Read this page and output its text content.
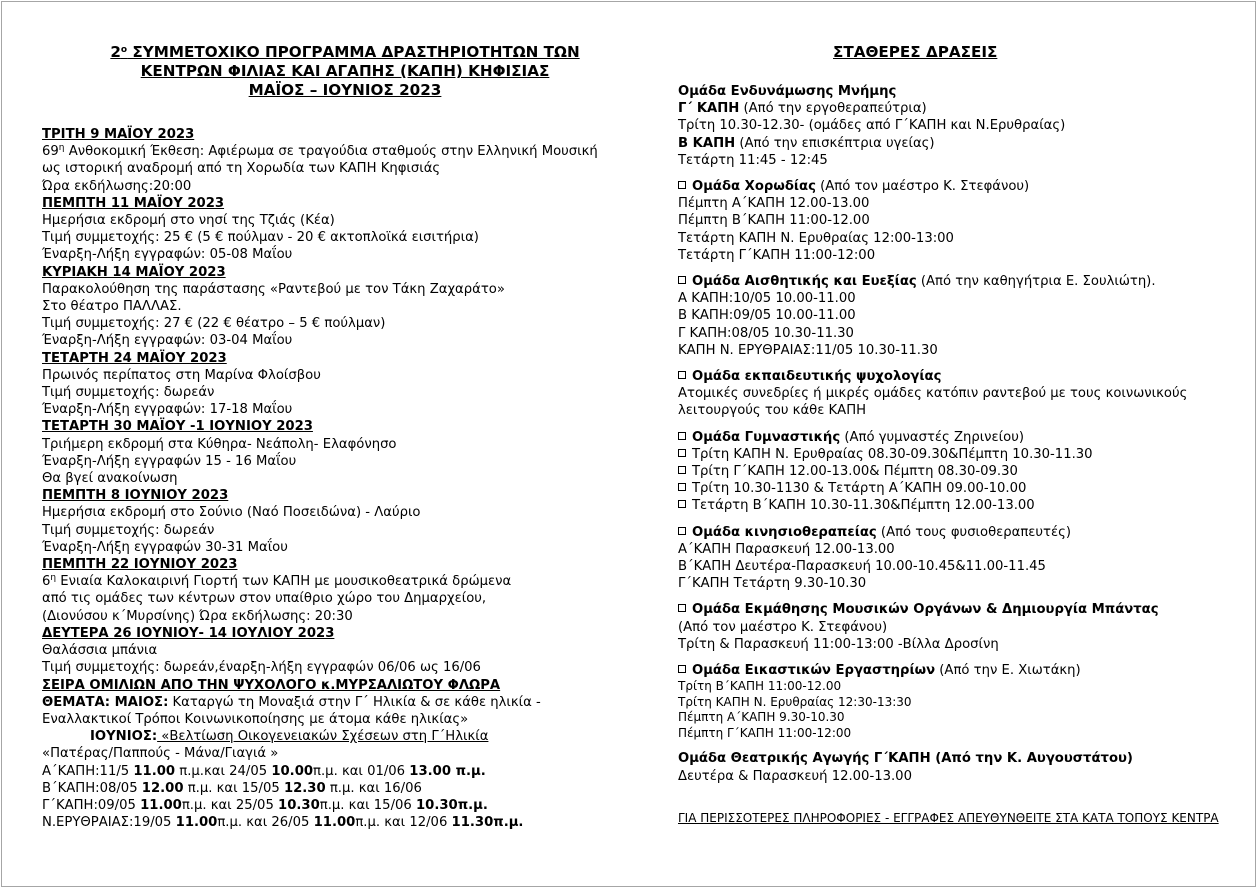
$2^o$ ΣΥΜΜΕΤΟΧΙΚΟ ΠΡΟΓΡΑΜΜΑ ΔΡΑΣΤΗΡΙΟΤΗΤΩΝ ΤΩΝ
ΚΕΝΤΡΩΝ ΦΙΛΙΑΣ ΚΑΙ ΑΓΑΠΗΣ (ΚΑΠΗ) ΚΗΦΙΣΙΑΣ
ΜΑΪΟΣ – ΙΟΥΝΙΟΣ 2023
ΤΡΙΤΗ 9 ΜΑΪΟΥ 2023
$69^\eta$ Ανθοκομική Έκθεση: Αφιέρωμα σε τραγούδια σταθμούς στην Ελληνική Μουσική
ως ιστορική αναδρομή από τη Χορωδία των ΚΑΠΗ Κηφισιάς
Ώρα εκδήλωσης:20:00
ΠΕΜΠΤΗ 11 ΜΑΪΟΥ 2023
Ημερήσια εκδρομή στο νησί της Τζιάς (Κέα)
Τιμή συμμετοχής: 25 € (5 € πούλμαν - 20 € ακτοπλοϊκά εισιτήρια)
Έναρξη-Λήξη εγγραφών: 05-08 Μαΐου
ΚΥΡΙΑΚΗ 14 ΜΑΪΟΥ 2023
Παρακολούθηση της παράστασης «Ραντεβού με τον Τάκη Ζαχαράτο»
Στο θέατρο ΠΑΛΛΑΣ.
Τιμή συμμετοχής: 27 € (22 € θέατρο – 5 € πούλμαν)
Έναρξη-Λήξη εγγραφών: 03-04 Μαΐου
ΤΕΤΑΡΤΗ 24 ΜΑΪΟΥ 2023
Πρωινός περίπατος στη Μαρίνα Φλοίσβου
Τιμή συμμετοχής: δωρεάν
Έναρξη-Λήξη εγγραφών: 17-18 Μαΐου
ΤΕΤΑΡΤΗ 30 ΜΑΪΟΥ -1 ΙΟΥΝΙΟΥ 2023
Τριήμερη εκδρομή στα Κύθηρα- Νεάπολη- Ελαφόνησο
Έναρξη-Λήξη εγγραφών 15 - 16 Μαΐου
Θα βγεί ανακοίνωση
ΠΕΜΠΤΗ 8 ΙΟΥΝΙΟΥ 2023
Ημερήσια εκδρομή στο Σούνιο (Ναό Ποσειδώνα) - Λαύριο
Τιμή συμμετοχής: δωρεάν
Έναρξη-Λήξη εγγραφών 30-31 Μαΐου
ΠΕΜΠΤΗ 22 ΙΟΥΝΙΟΥ 2023
$6^\eta$ Ενιαία Καλοκαιρινή Γιορτή των ΚΑΠΗ με μουσικοθεατρικά δρώμενα
από τις ομάδες των κέντρων στον υπαίθριο χώρο του Δημαρχείου,
(Διονύσου κ΄Μυρσίνης) Ώρα εκδήλωσης: 20:30
ΔΕΥΤΕΡΑ 26 ΙΟΥΝΙΟΥ- 14 ΙΟΥΛΙΟΥ 2023
Θαλάσσια μπάνια
Τιμή συμμετοχής: δωρεάν,έναρξη-λήξη εγγραφών 06/06 ως 16/06
ΣΕΙΡΑ ΟΜΙΛΙΩΝ ΑΠΟ ΤΗΝ ΨΥΧΟΛΟΓΟ κ.ΜΥΡΣΑΛΙΩΤΟΥ ΦΛΩΡΑ
ΘΕΜΑΤΑ: ΜΑΙΟΣ: Καταργώ τη Μοναξιά στην Γ΄ Ηλικία & σε κάθε ηλικία -
Εναλλακτικοί Τρόποι Κοινωνικοποίησης με άτομα κάθε ηλικίας»
ΙΟΥΝΙΟΣ: «Βελτίωση Οικογενειακών Σχέσεων στη Γ΄Ηλικία
«Πατέρας/Παππούς - Μάνα/Γιαγιά »
Α΄ΚΑΠΗ:11/5 11.00 π.μ.και 24/05 10.00π.μ. και 01/06 13.00 π.μ.
Β΄ΚΑΠΗ:08/05 12.00 π.μ. και 15/05 12.30 π.μ. και 16/06
Γ΄ΚΑΠΗ:09/05 11.00π.μ. και 25/05 10.30π.μ. και 15/06 10.30π.μ.
Ν.ΕΡΥΘΡΑΙΑΣ:19/05 11.00π.μ. και 26/05 11.00π.μ. και 12/06 11.30π.μ.
ΣΤΑΘΕΡΕΣ ΔΡΑΣΕΙΣ
Ομάδα Ενδυνάμωσης Μνήμης
Γ΄ ΚΑΠΗ (Από την εργοθεραπεύτρια)
Τρίτη 10.30-12.30- (ομάδες από Γ΄ΚΑΠΗ και Ν.Ερυθραίας)
Β ΚΑΠΗ (Από την επισκέπτρια υγείας)
Τετάρτη 11:45 - 12:45
Ομάδα Χορωδίας (Από τον μαέστρο Κ. Στεφάνου)
Πέμπτη Α΄ΚΑΠΗ 12.00-13.00
Πέμπτη Β΄ΚΑΠΗ 11:00-12.00
Τετάρτη ΚΑΠΗ Ν. Ερυθραίας 12:00-13:00
Τετάρτη Γ΄ΚΑΠΗ 11:00-12:00
Ομάδα Αισθητικής και Ευεξίας (Από την καθηγήτρια Ε. Σουλιώτη).
Α ΚΑΠΗ:10/05 10.00-11.00
Β ΚΑΠΗ:09/05 10.00-11.00
Γ ΚΑΠΗ:08/05 10.30-11.30
ΚΑΠΗ Ν. ΕΡΥΘΡΑΙΑΣ:11/05 10.30-11.30
Ομάδα εκπαιδευτικής ψυχολογίας
Ατομικές συνεδρίες ή μικρές ομάδες κατόπιν ραντεβού με τους κοινωνικούς
λειτουργούς του κάθε ΚΑΠΗ
Ομάδα Γυμναστικής (Από γυμναστές Ζηρινείου)
Τρίτη ΚΑΠΗ Ν. Ερυθραίας 08.30-09.30&Πέμπτη 10.30-11.30
Τρίτη Γ΄ΚΑΠΗ 12.00-13.00& Πέμπτη 08.30-09.30
Τρίτη 10.30-1130 & Τετάρτη Α΄ΚΑΠΗ 09.00-10.00
Τετάρτη Β΄ΚΑΠΗ 10.30-11.30&Πέμπτη 12.00-13.00
Ομάδα κινησιοθεραπείας (Από τους φυσιοθεραπευτές)
Α΄ΚΑΠΗ Παρασκευή 12.00-13.00
Β΄ΚΑΠΗ Δευτέρα-Παρασκευή 10.00-10.45&11.00-11.45
Γ΄ΚΑΠΗ Τετάρτη 9.30-10.30
Ομάδα Εκμάθησης Μουσικών Οργάνων & Δημιουργία Μπάντας
(Από τον μαέστρο Κ. Στεφάνου)
Τρίτη & Παρασκευή 11:00-13:00 -Βίλλα Δροσίνη
Ομάδα Εικαστικών Εργαστηρίων (Από την Ε. Χιωτάκη)
Τρίτη Β΄ΚΑΠΗ 11:00-12.00
Τρίτη ΚΑΠΗ Ν. Ερυθραίας 12:30-13:30
Πέμπτη Α΄ΚΑΠΗ 9.30-10.30
Πέμπτη Γ΄ΚΑΠΗ 11:00-12:00
Ομάδα Θεατρικής Αγωγής Γ΄ΚΑΠΗ (Από την Κ. Αυγουστάτου)
Δευτέρα & Παρασκευή 12.00-13.00
ΓΙΑ ΠΕΡΙΣΣΟΤΕΡΕΣ ΠΛΗΡΟΦΟΡΙΕΣ - ΕΓΓΡΑΦΕΣ ΑΠΕΥΘΥΝΘΕΙΤΕ ΣΤΑ ΚΑΤΑ ΤΟΠΟΥΣ ΚΕΝΤΡΑ
